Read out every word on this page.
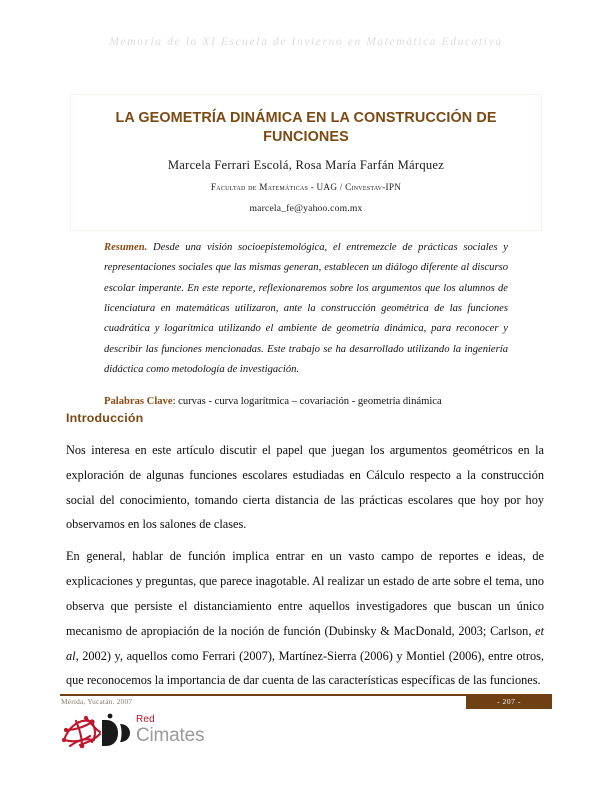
Memoria de la XI Escuela de Invierno en Matemática Educativa
LA GEOMETRÍA DINÁMICA EN LA CONSTRUCCIÓN DE FUNCIONES
Marcela Ferrari Escolá, Rosa María Farfán Márquez
Facultad de Matemáticas - UAG / Cinvestav-IPN
marcela_fe@yahoo.com.mx

Resumen. Desde una visión socioepistemológica, el entremezcle de prácticas sociales y representaciones sociales que las mismas generan, establecen un diálogo diferente al discurso escolar imperante. En este reporte, reflexionaremos sobre los argumentos que los alumnos de licenciatura en matemáticas utilizaron, ante la construcción geométrica de las funciones cuadrática y logarítmica utilizando el ambiente de geometría dinámica, para reconocer y describir las funciones mencionadas. Este trabajo se ha desarrollado utilizando la ingeniería didáctica como metodología de investigación.

Palabras Clave: curvas - curva logarítmica – covariación - geometría dinámica

Introducción

Nos interesa en este artículo discutir el papel que juegan los argumentos geométricos en la exploración de algunas funciones escolares estudiadas en Cálculo respecto a la construcción social del conocimiento, tomando cierta distancia de las prácticas escolares que hoy por hoy observamos en los salones de clases.

En general, hablar de función implica entrar en un vasto campo de reportes e ideas, de explicaciones y preguntas, que parece inagotable. Al realizar un estado de arte sobre el tema, uno observa que persiste el distanciamiento entre aquellos investigadores que buscan un único mecanismo de apropiación de la noción de función (Dubinsky & MacDonald, 2003; Carlson, et al, 2002) y, aquellos como Ferrari (2007), Martínez-Sierra (2006) y Montiel (2006), entre otros, que reconocemos la importancia de dar cuenta de las características específicas de las funciones.

Mérida, Yucatán. 2007	- 207 -
Red
Cimates
